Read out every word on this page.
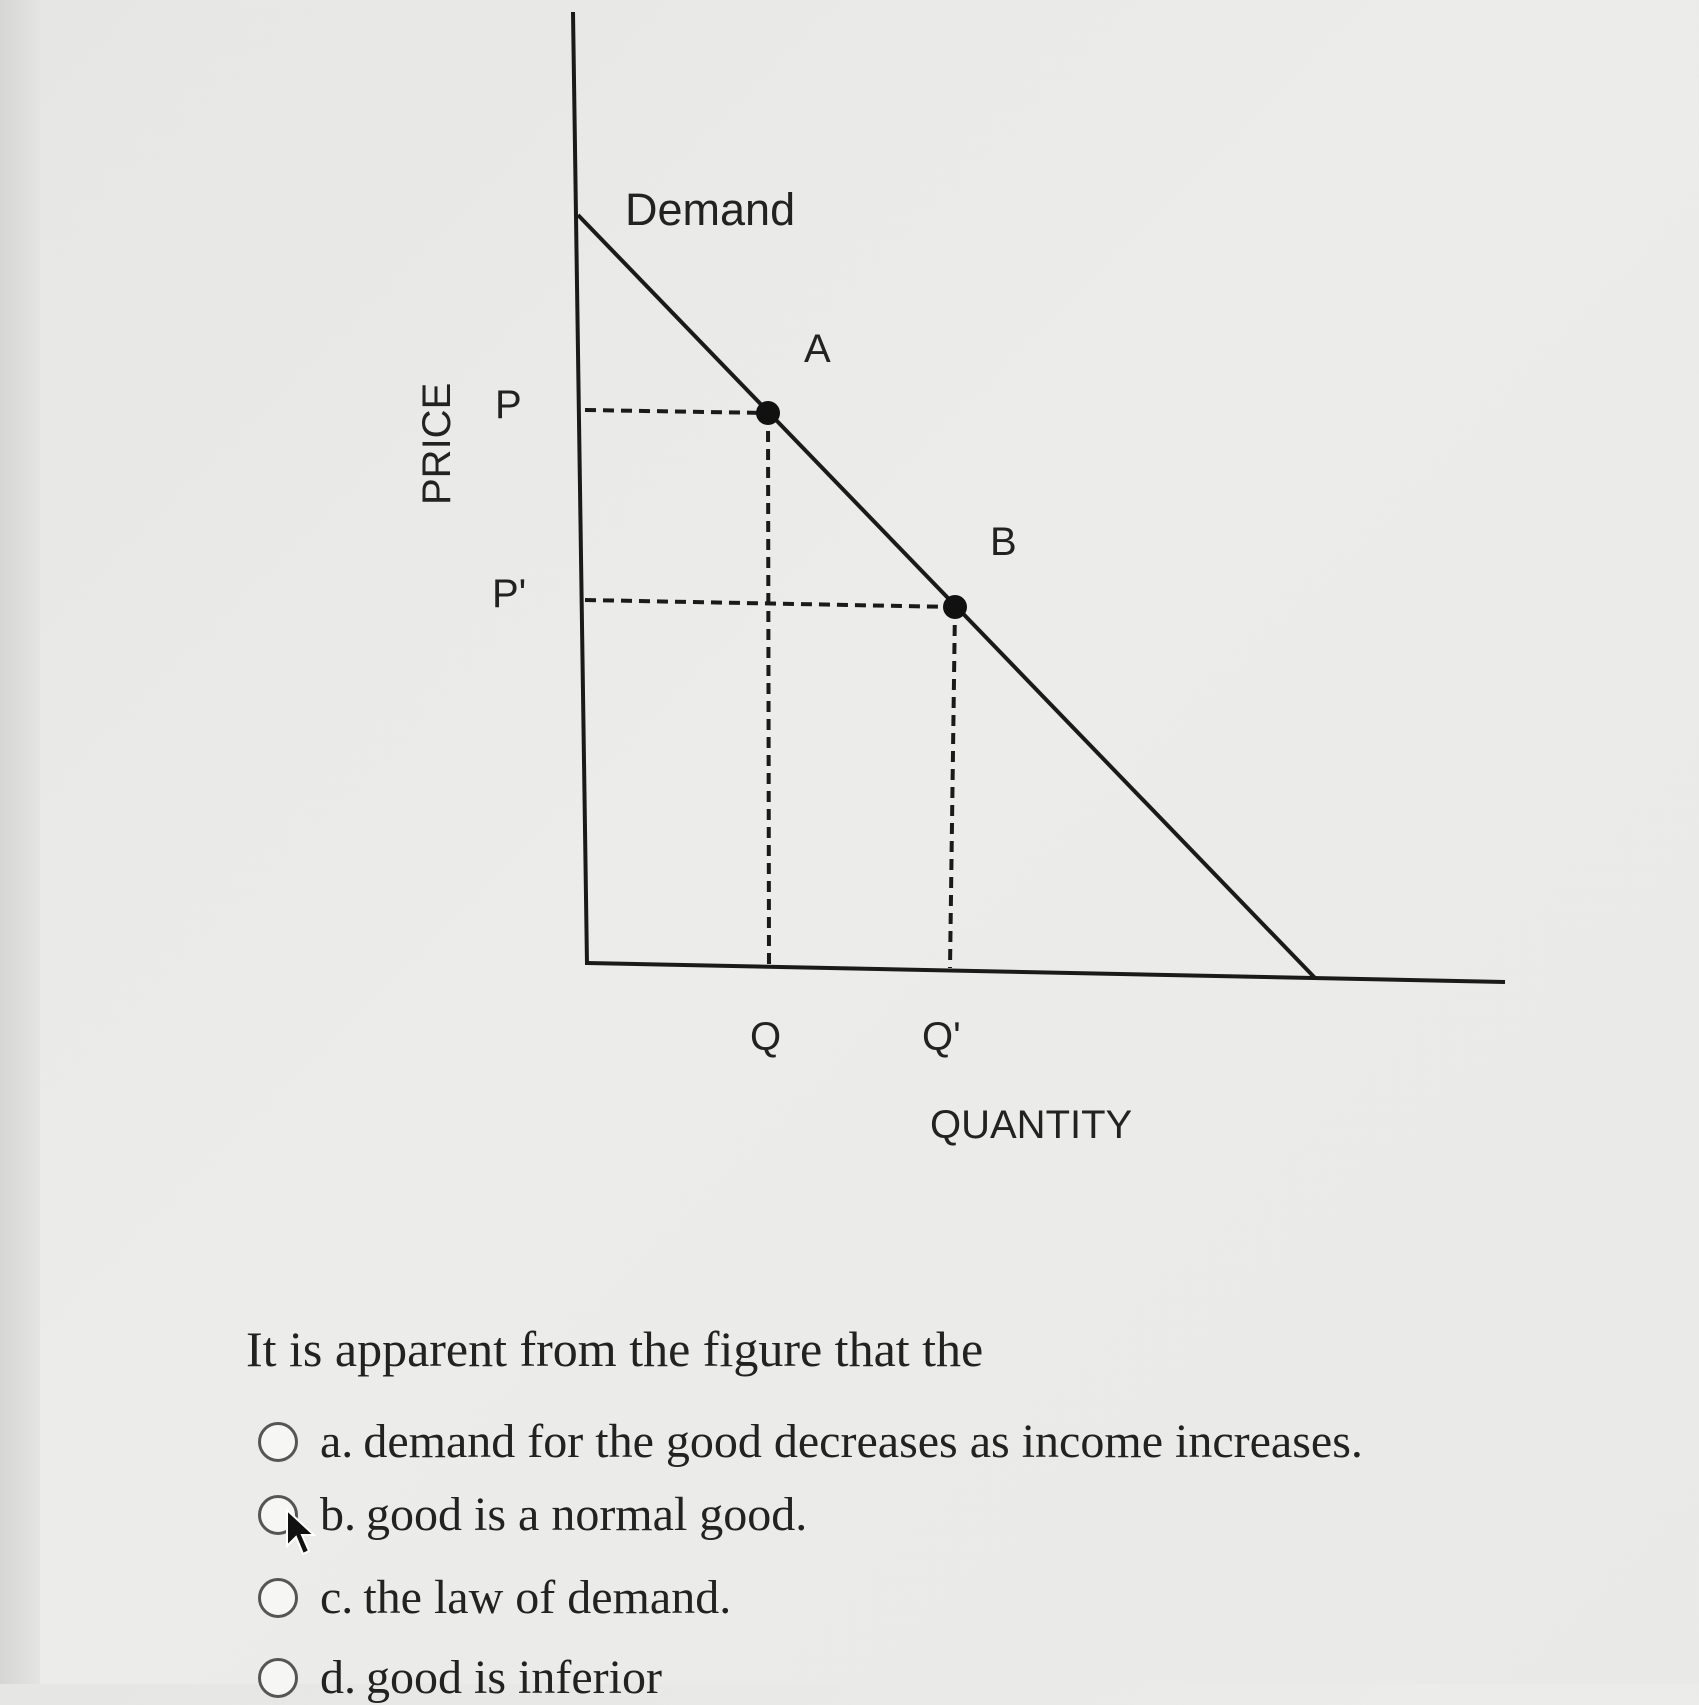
Demand
A
B
P
P'
PRICE
Q	Q'
QUANTITY
It is apparent from the figure that the
a. demand for the good decreases as income increases.
b. good is a normal good.
c. the law of demand.
d. good is inferior
